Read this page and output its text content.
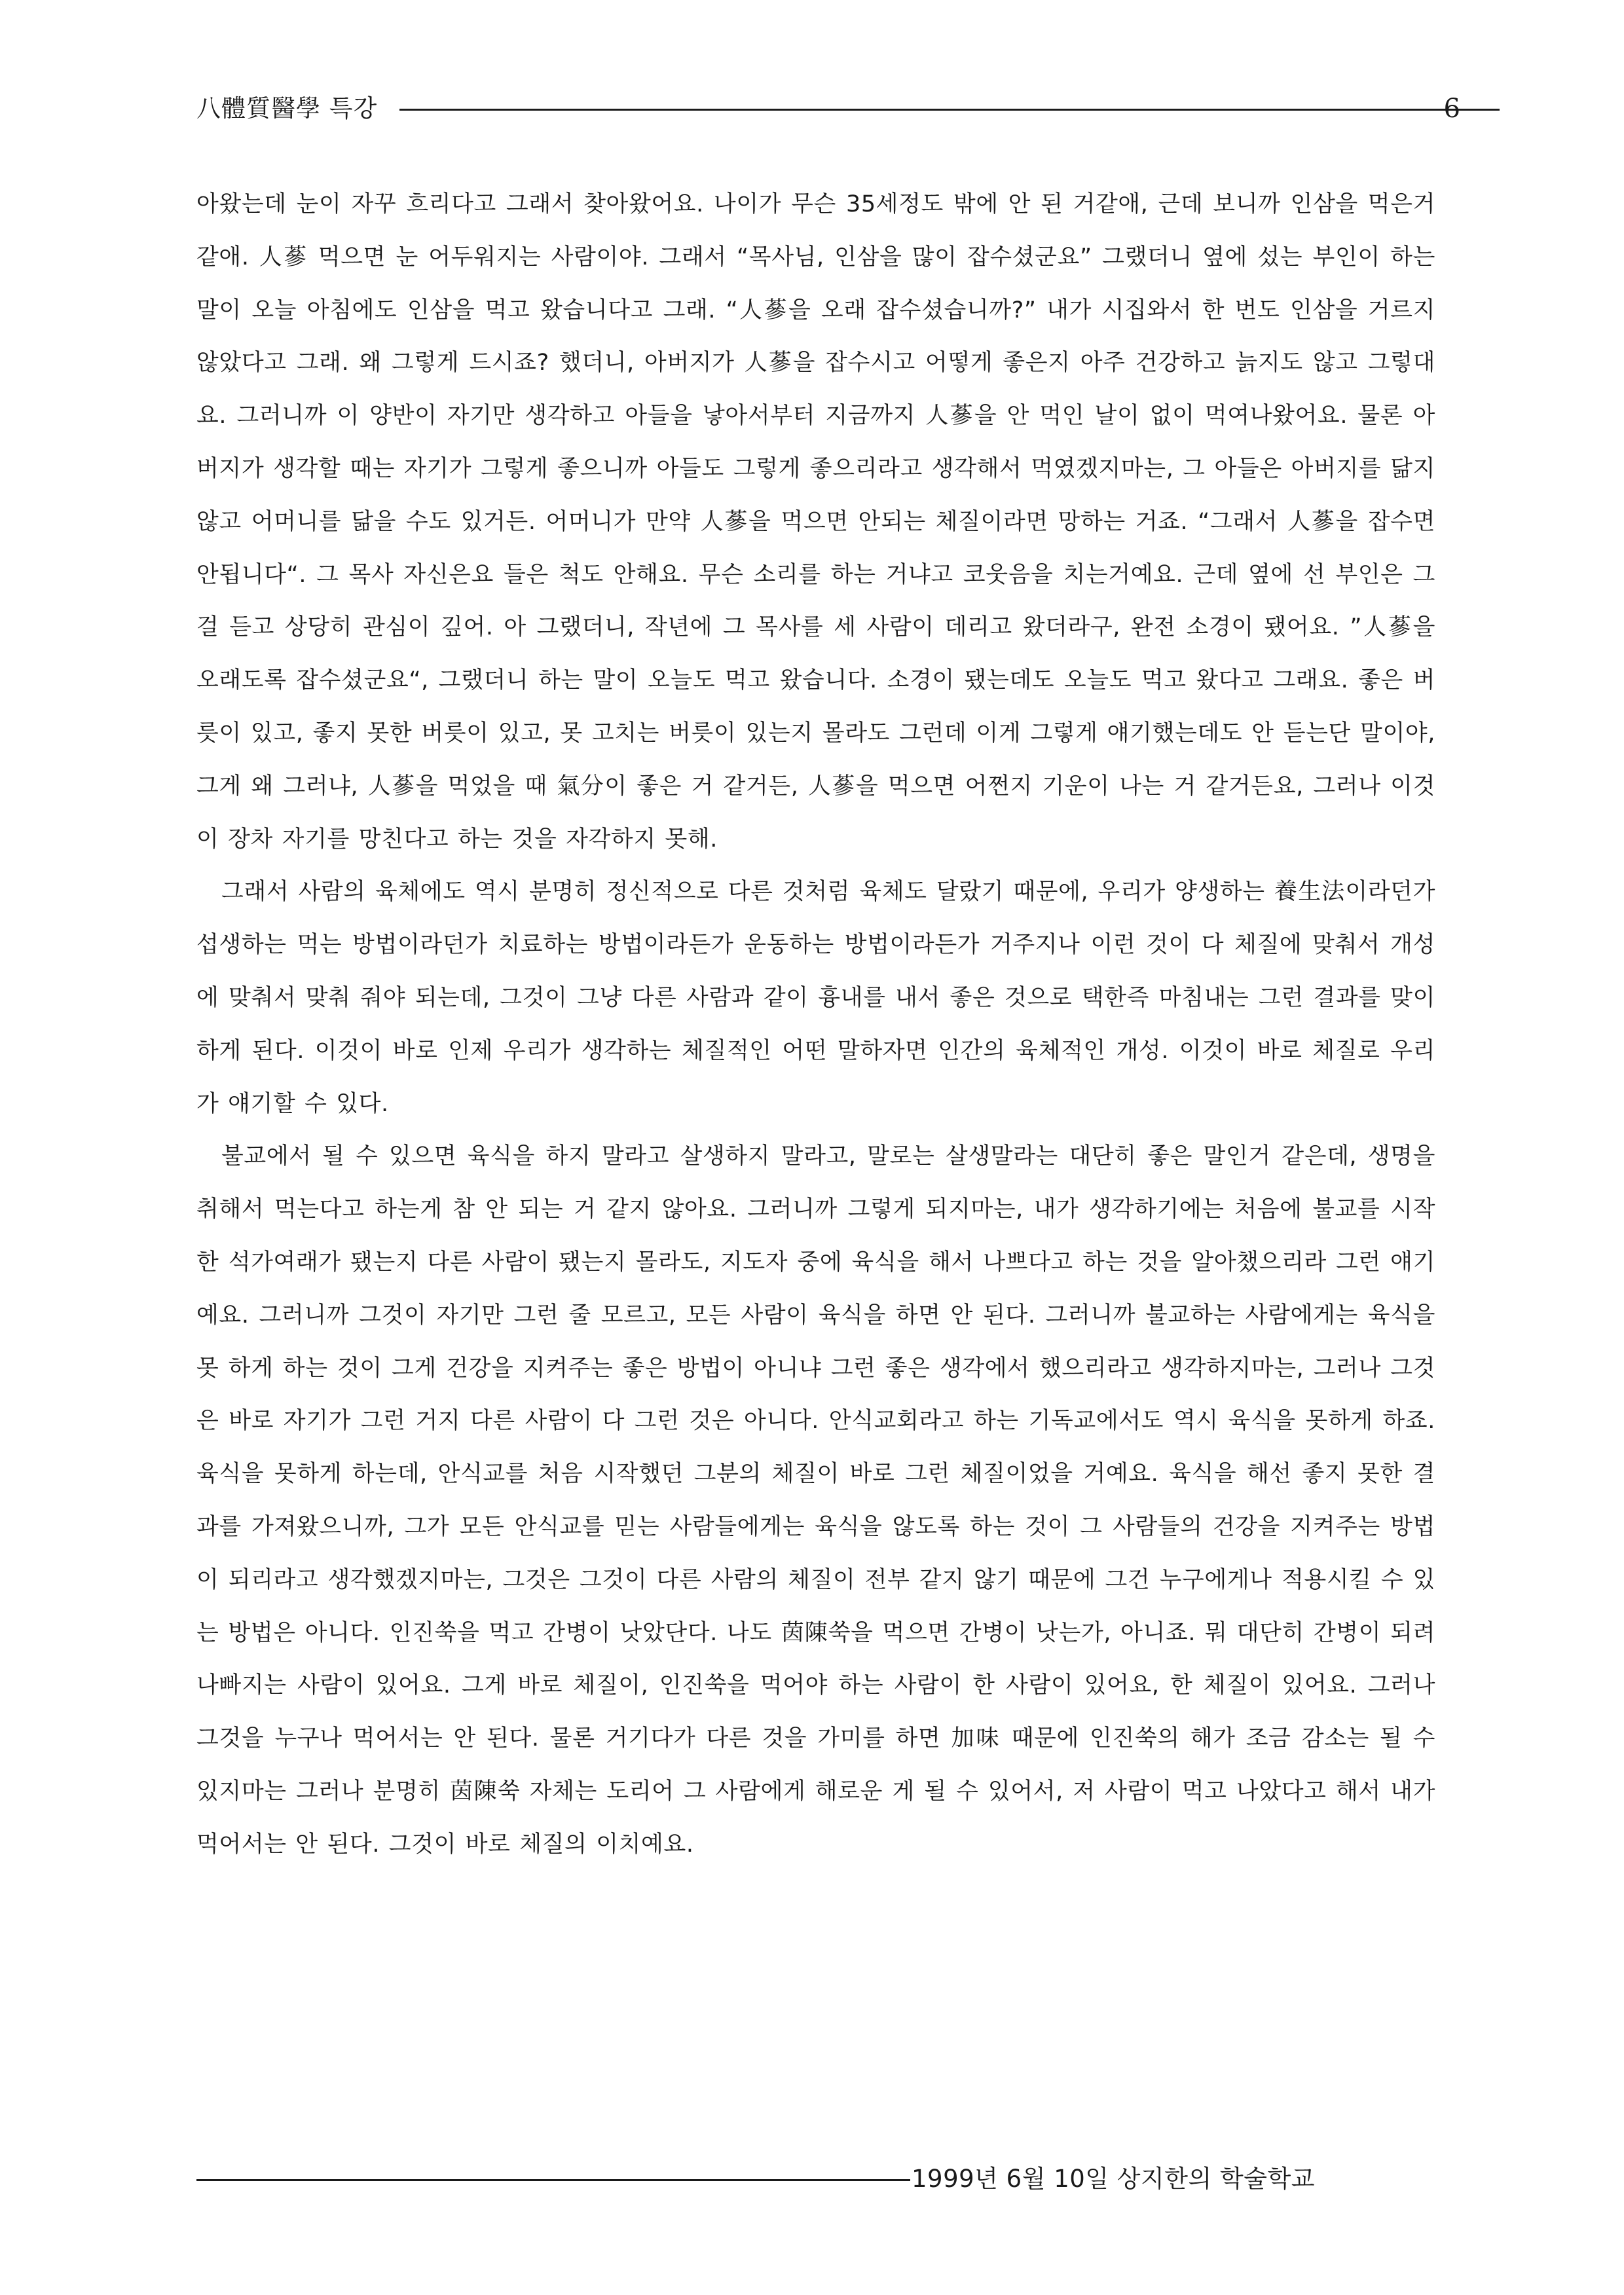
八體質醫學 특강	6

아왔는데 눈이 자꾸 흐리다고 그래서 찾아왔어요. 나이가 무슨 35세정도 밖에 안 된 거같애, 근데 보니까 인삼을 먹은거 같애. 人蔘 먹으면 눈 어두워지는 사람이야. 그래서 “목사님, 인삼을 많이 잡수셨군요” 그랬더니 옆에 섰는 부인이 하는 말이 오늘 아침에도 인삼을 먹고 왔습니다고 그래. “人蔘을 오래 잡수셨습니까?” 내가 시집와서 한 번도 인삼을 거르지 않았다고 그래. 왜 그렇게 드시죠? 했더니, 아버지가 人蔘을 잡수시고 어떻게 좋은지 아주 건강하고 늙지도 않고 그렇대요. 그러니까 이 양반이 자기만 생각하고 아들을 낳아서부터 지금까지 人蔘을 안 먹인 날이 없이 먹여나왔어요. 물론 아버지가 생각할 때는 자기가 그렇게 좋으니까 아들도 그렇게 좋으리라고 생각해서 먹였겠지마는, 그 아들은 아버지를 닮지 않고 어머니를 닮을 수도 있거든. 어머니가 만약 人蔘을 먹으면 안되는 체질이라면 망하는 거죠. “그래서 人蔘을 잡수면 안됩니다“. 그 목사 자신은요 들은 척도 안해요. 무슨 소리를 하는 거냐고 코웃음을 치는거예요. 근데 옆에 선 부인은 그걸 듣고 상당히 관심이 깊어. 아 그랬더니, 작년에 그 목사를 세 사람이 데리고 왔더라구, 완전 소경이 됐어요. ”人蔘을 오래도록 잡수셨군요“, 그랬더니 하는 말이 오늘도 먹고 왔습니다. 소경이 됐는데도 오늘도 먹고 왔다고 그래요. 좋은 버릇이 있고, 좋지 못한 버릇이 있고, 못 고치는 버릇이 있는지 몰라도 그런데 이게 그렇게 얘기했는데도 안 듣는단 말이야, 그게 왜 그러냐, 人蔘을 먹었을 때 氣分이 좋은 거 같거든, 人蔘을 먹으면 어쩐지 기운이 나는 거 같거든요, 그러나 이것이 장차 자기를 망친다고 하는 것을 자각하지 못해.

그래서 사람의 육체에도 역시 분명히 정신적으로 다른 것처럼 육체도 달랐기 때문에, 우리가 양생하는 養生法이라던가 섭생하는 먹는 방법이라던가 치료하는 방법이라든가 운동하는 방법이라든가 거주지나 이런 것이 다 체질에 맞춰서 개성에 맞춰서 맞춰 줘야 되는데, 그것이 그냥 다른 사람과 같이 흉내를 내서 좋은 것으로 택한즉 마침내는 그런 결과를 맞이하게 된다. 이것이 바로 인제 우리가 생각하는 체질적인 어떤 말하자면 인간의 육체적인 개성. 이것이 바로 체질로 우리가 얘기할 수 있다.

불교에서 될 수 있으면 육식을 하지 말라고 살생하지 말라고, 말로는 살생말라는 대단히 좋은 말인거 같은데, 생명을 취해서 먹는다고 하는게 참 안 되는 거 같지 않아요. 그러니까 그렇게 되지마는, 내가 생각하기에는 처음에 불교를 시작한 석가여래가 됐는지 다른 사람이 됐는지 몰라도, 지도자 중에 육식을 해서 나쁘다고 하는 것을 알아챘으리라 그런 얘기예요. 그러니까 그것이 자기만 그런 줄 모르고, 모든 사람이 육식을 하면 안 된다. 그러니까 불교하는 사람에게는 육식을 못 하게 하는 것이 그게 건강을 지켜주는 좋은 방법이 아니냐 그런 좋은 생각에서 했으리라고 생각하지마는, 그러나 그것은 바로 자기가 그런 거지 다른 사람이 다 그런 것은 아니다. 안식교회라고 하는 기독교에서도 역시 육식을 못하게 하죠. 육식을 못하게 하는데, 안식교를 처음 시작했던 그분의 체질이 바로 그런 체질이었을 거예요. 육식을 해선 좋지 못한 결과를 가져왔으니까, 그가 모든 안식교를 믿는 사람들에게는 육식을 않도록 하는 것이 그 사람들의 건강을 지켜주는 방법이 되리라고 생각했겠지마는, 그것은 그것이 다른 사람의 체질이 전부 같지 않기 때문에 그건 누구에게나 적용시킬 수 있는 방법은 아니다. 인진쑥을 먹고 간병이 낫았단다. 나도 茵陳쑥을 먹으면 간병이 낫는가, 아니죠. 뭐 대단히 간병이 되려 나빠지는 사람이 있어요. 그게 바로 체질이, 인진쑥을 먹어야 하는 사람이 한 사람이 있어요, 한 체질이 있어요. 그러나 그것을 누구나 먹어서는 안 된다. 물론 거기다가 다른 것을 가미를 하면 加味 때문에 인진쑥의 해가 조금 감소는 될 수 있지마는 그러나 분명히 茵陳쑥 자체는 도리어 그 사람에게 해로운 게 될 수 있어서, 저 사람이 먹고 나았다고 해서 내가 먹어서는 안 된다. 그것이 바로 체질의 이치예요.

1999년 6월 10일 상지한의 학술학교
